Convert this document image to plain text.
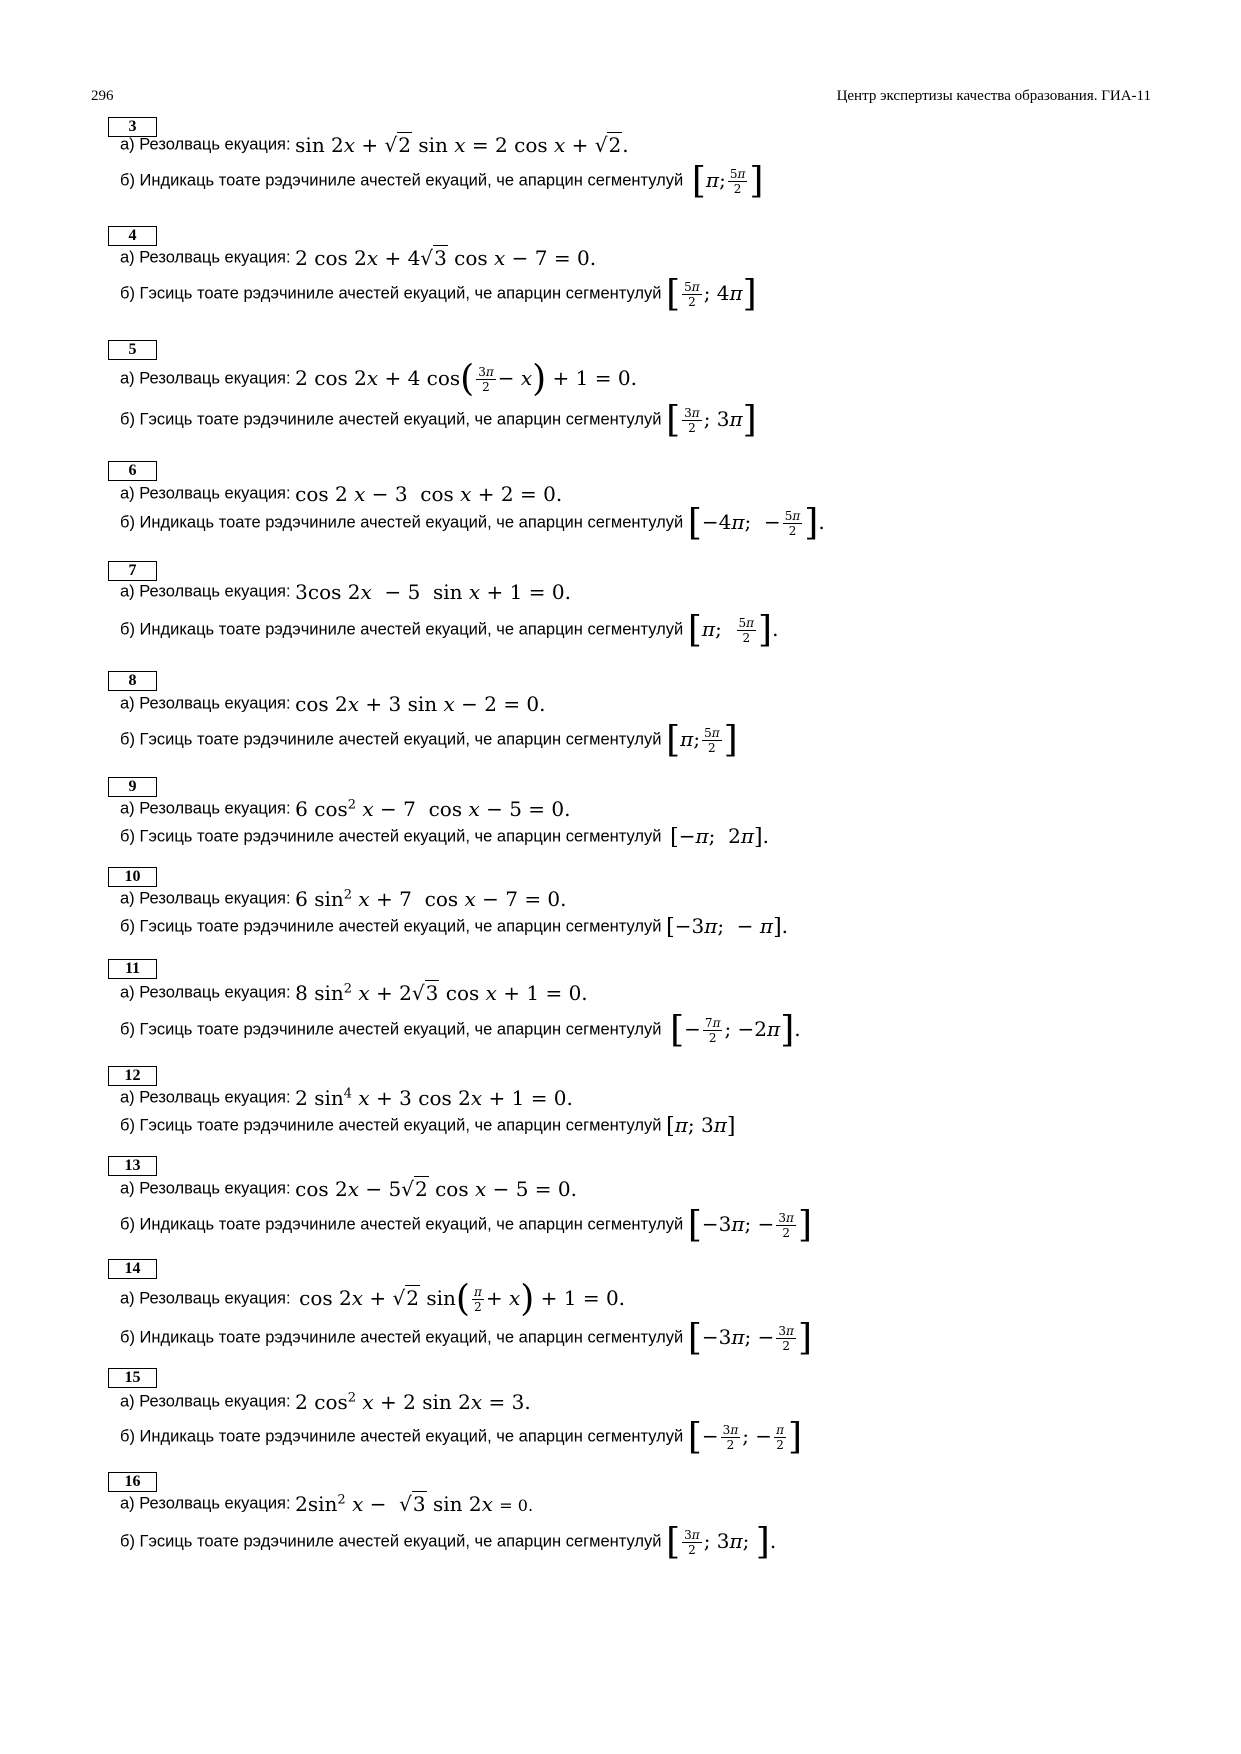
296	Центр экспертизы качества образования. ГИА-11
3
а) Резолваць екуация: sin 2x + √2 sin x = 2 cos x + √2.
б) Индикаць тоате рэдэчиниле ачестей екуаций, че апарцин сегментулуй  [π; $\frac{5\pi}{2}$ ]
4
а) Резолваць екуация: 2 cos 2x + 4√3 cos x − 7 = 0.
б) Гэсиць тоате рэдэчиниле ачестей екуаций, че апарцин сегментулуй [ $\frac{5\pi}{2}$ ; 4π]
5
а) Резолваць екуация: 2 cos 2x + 4 $\cos( \frac{3\pi}{2} - x) + 1 = 0$.
б) Гэсиць тоате рэдэчиниле ачестей екуаций, че апарцин сегментулуй [ $\frac{3\pi}{2}$ ; 3π]
6
а) Резолваць екуация: cos 2 x − 3  cos x + 2 = 0.
б) Индикаць тоате рэдэчиниле ачестей екуаций, че апарцин сегментулуй [−4π;  − $\frac{5\pi}{2}$ ].
7
а) Резолваць екуация: 3cos 2x  − 5  sin x + 1 = 0.
б) Индикаць тоате рэдэчиниле ачестей екуаций, че апарцин сегментулуй [π; $\frac{5\pi}{2}$ ].
8
а) Резолваць екуация: cos 2x + 3 sin x − 2 = 0.
б) Гэсиць тоате рэдэчиниле ачестей екуаций, че апарцин сегментулуй [π; $\frac{5\pi}{2}$ ]
9
а) Резолваць екуация: 6 $\cos^2 x - 7$  cos x − 5 = 0.
б) Гэсиць тоате рэдэчиниле ачестей екуаций, че апарцин сегментулуй  [−π;  2π].
10
а) Резолваць екуация: 6 $\sin^2 x + 7$  cos x − 7 = 0.
б) Гэсиць тоате рэдэчиниле ачестей екуаций, че апарцин сегментулуй [−3π;  − π].
11
а) Резолваць екуация: 8 $\sin^2 x + 2√3$ cos x + 1 = 0.
б) Гэсиць тоате рэдэчиниле ачестей екуаций, че апарцин сегментулуй  [− $\frac{7\pi}{2}$ ; −2π].
12
а) Резолваць екуация: 2 $\sin^4 x + 3$ cos 2x + 1 = 0.
б) Гэсиць тоате рэдэчиниле ачестей екуаций, че апарцин сегментулуй [π; 3π]
13
а) Резолваць екуация: cos 2x − 5√2 cos x − 5 = 0.
б) Индикаць тоате рэдэчиниле ачестей екуаций, че апарцин сегментулуй [−3π; − $\frac{3\pi}{2}$ ]
14
а) Резолваць екуация:  cos 2x + √2 $\sin( \frac{\pi}{2} + x) + 1 = 0$.
б) Индикаць тоате рэдэчиниле ачестей екуаций, че апарцин сегментулуй [−3π; − $\frac{3\pi}{2}$ ]
15
а) Резолваць екуация: 2 $\cos^2 x + 2$ sin 2x = 3.
б) Индикаць тоате рэдэчиниле ачестей екуаций, че апарцин сегментулуй [− $\frac{3\pi}{2}$ ; − $\frac{\pi}{2}$ ]
16
а) Резолваць екуация: $2\sin^2$ x −  √3 sin 2x = 0.
б) Гэсиць тоате рэдэчиниле ачестей екуаций, че апарцин сегментулуй [ $\frac{3\pi}{2}$ ; 3π; ].
